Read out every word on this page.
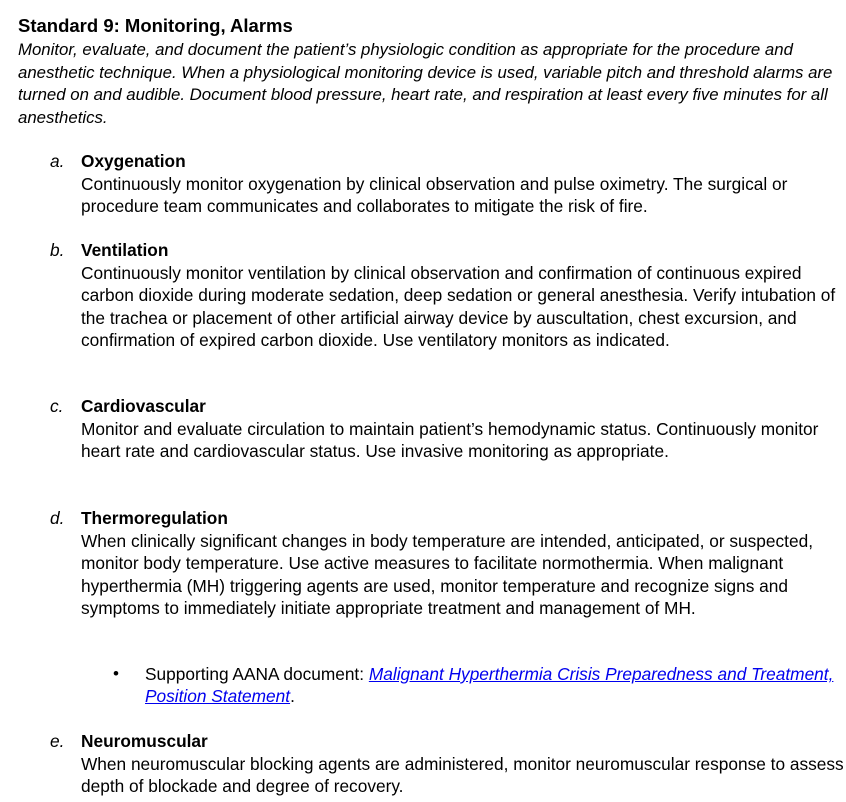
Standard 9: Monitoring, Alarms
Monitor, evaluate, and document the patient’s physiologic condition as appropriate for the procedure and anesthetic technique. When a physiological monitoring device is used, variable pitch and threshold alarms are turned on and audible. Document blood pressure, heart rate, and respiration at least every five minutes for all anesthetics.
a. Oxygenation

Continuously monitor oxygenation by clinical observation and pulse oximetry. The surgical or procedure team communicates and collaborates to mitigate the risk of fire.

b. Ventilation

Continuously monitor ventilation by clinical observation and confirmation of continuous expired carbon dioxide during moderate sedation, deep sedation or general anesthesia. Verify intubation of the trachea or placement of other artificial airway device by auscultation, chest excursion, and confirmation of expired carbon dioxide. Use ventilatory monitors as indicated.

c.	Cardiovascular

Monitor and evaluate circulation to maintain patient’s hemodynamic status. Continuously monitor heart rate and cardiovascular status. Use invasive monitoring as appropriate.

d. Thermoregulation

When clinically significant changes in body temperature are intended, anticipated, or suspected, monitor body temperature. Use active measures to facilitate normothermia. When malignant hyperthermia (MH) triggering agents are used, monitor temperature and recognize signs and symptoms to immediately initiate appropriate treatment and management of MH.

• Supporting AANA document: Malignant Hyperthermia Crisis Preparedness and Treatment, Position Statement.
e. Neuromuscular

When neuromuscular blocking agents are administered, monitor neuromuscular response to assess depth of blockade and degree of recovery.
